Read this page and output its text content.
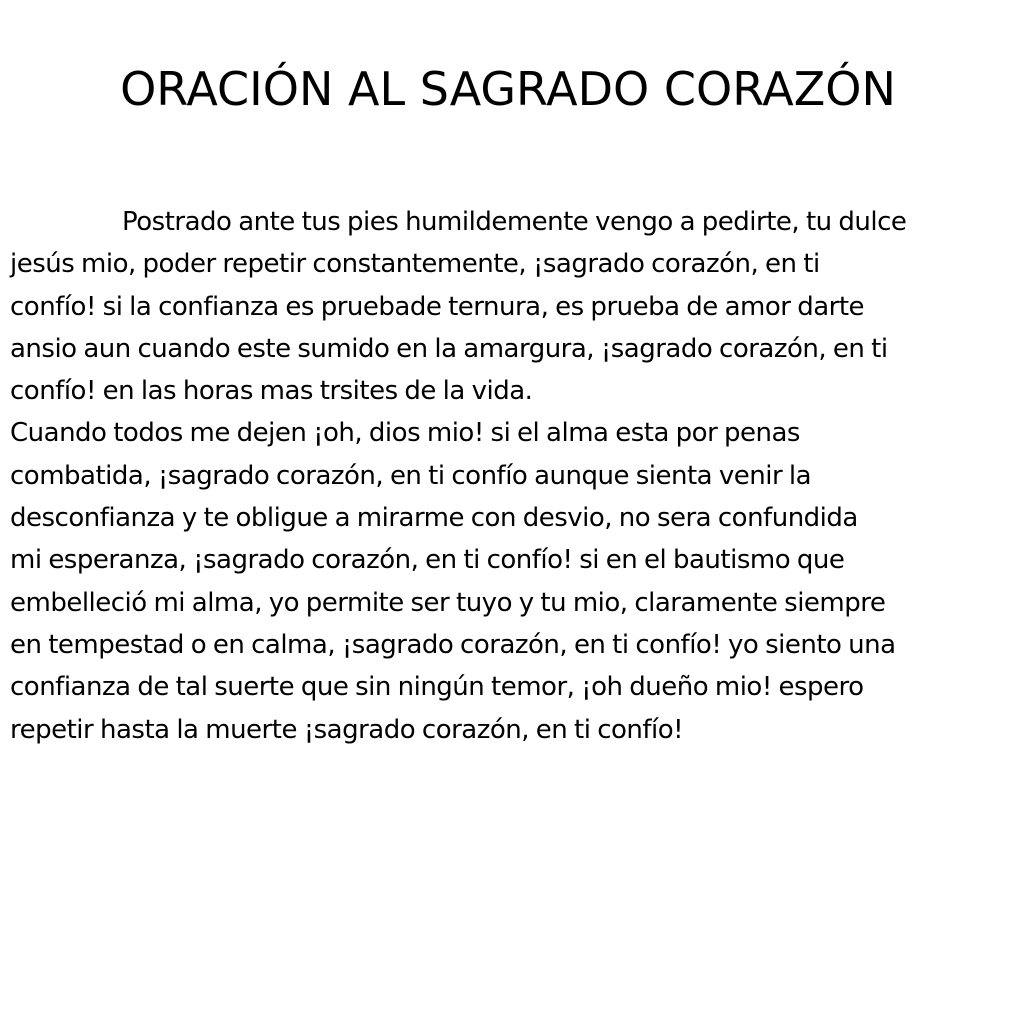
ORACIÓN AL SAGRADO CORAZÓN
Postrado ante tus pies humildemente vengo a pedirte, tu dulce
jesús mio, poder repetir constantemente, ¡sagrado corazón, en ti
confío! si la confianza es pruebade ternura, es prueba de amor darte
ansio aun cuando este sumido en la amargura, ¡sagrado corazón, en ti
confío! en las horas mas trsites de la vida.
Cuando todos me dejen ¡oh, dios mio! si el alma esta por penas
combatida, ¡sagrado corazón, en ti confío aunque sienta venir la
desconfianza y te obligue a mirarme con desvio, no sera confundida
mi esperanza, ¡sagrado corazón, en ti confío! si en el bautismo que
embelleció mi alma, yo permite ser tuyo y tu mio, claramente siempre
en tempestad o en calma, ¡sagrado corazón, en ti confío! yo siento una
confianza de tal suerte que sin ningún temor, ¡oh dueño mio! espero
repetir hasta la muerte ¡sagrado corazón, en ti confío!
